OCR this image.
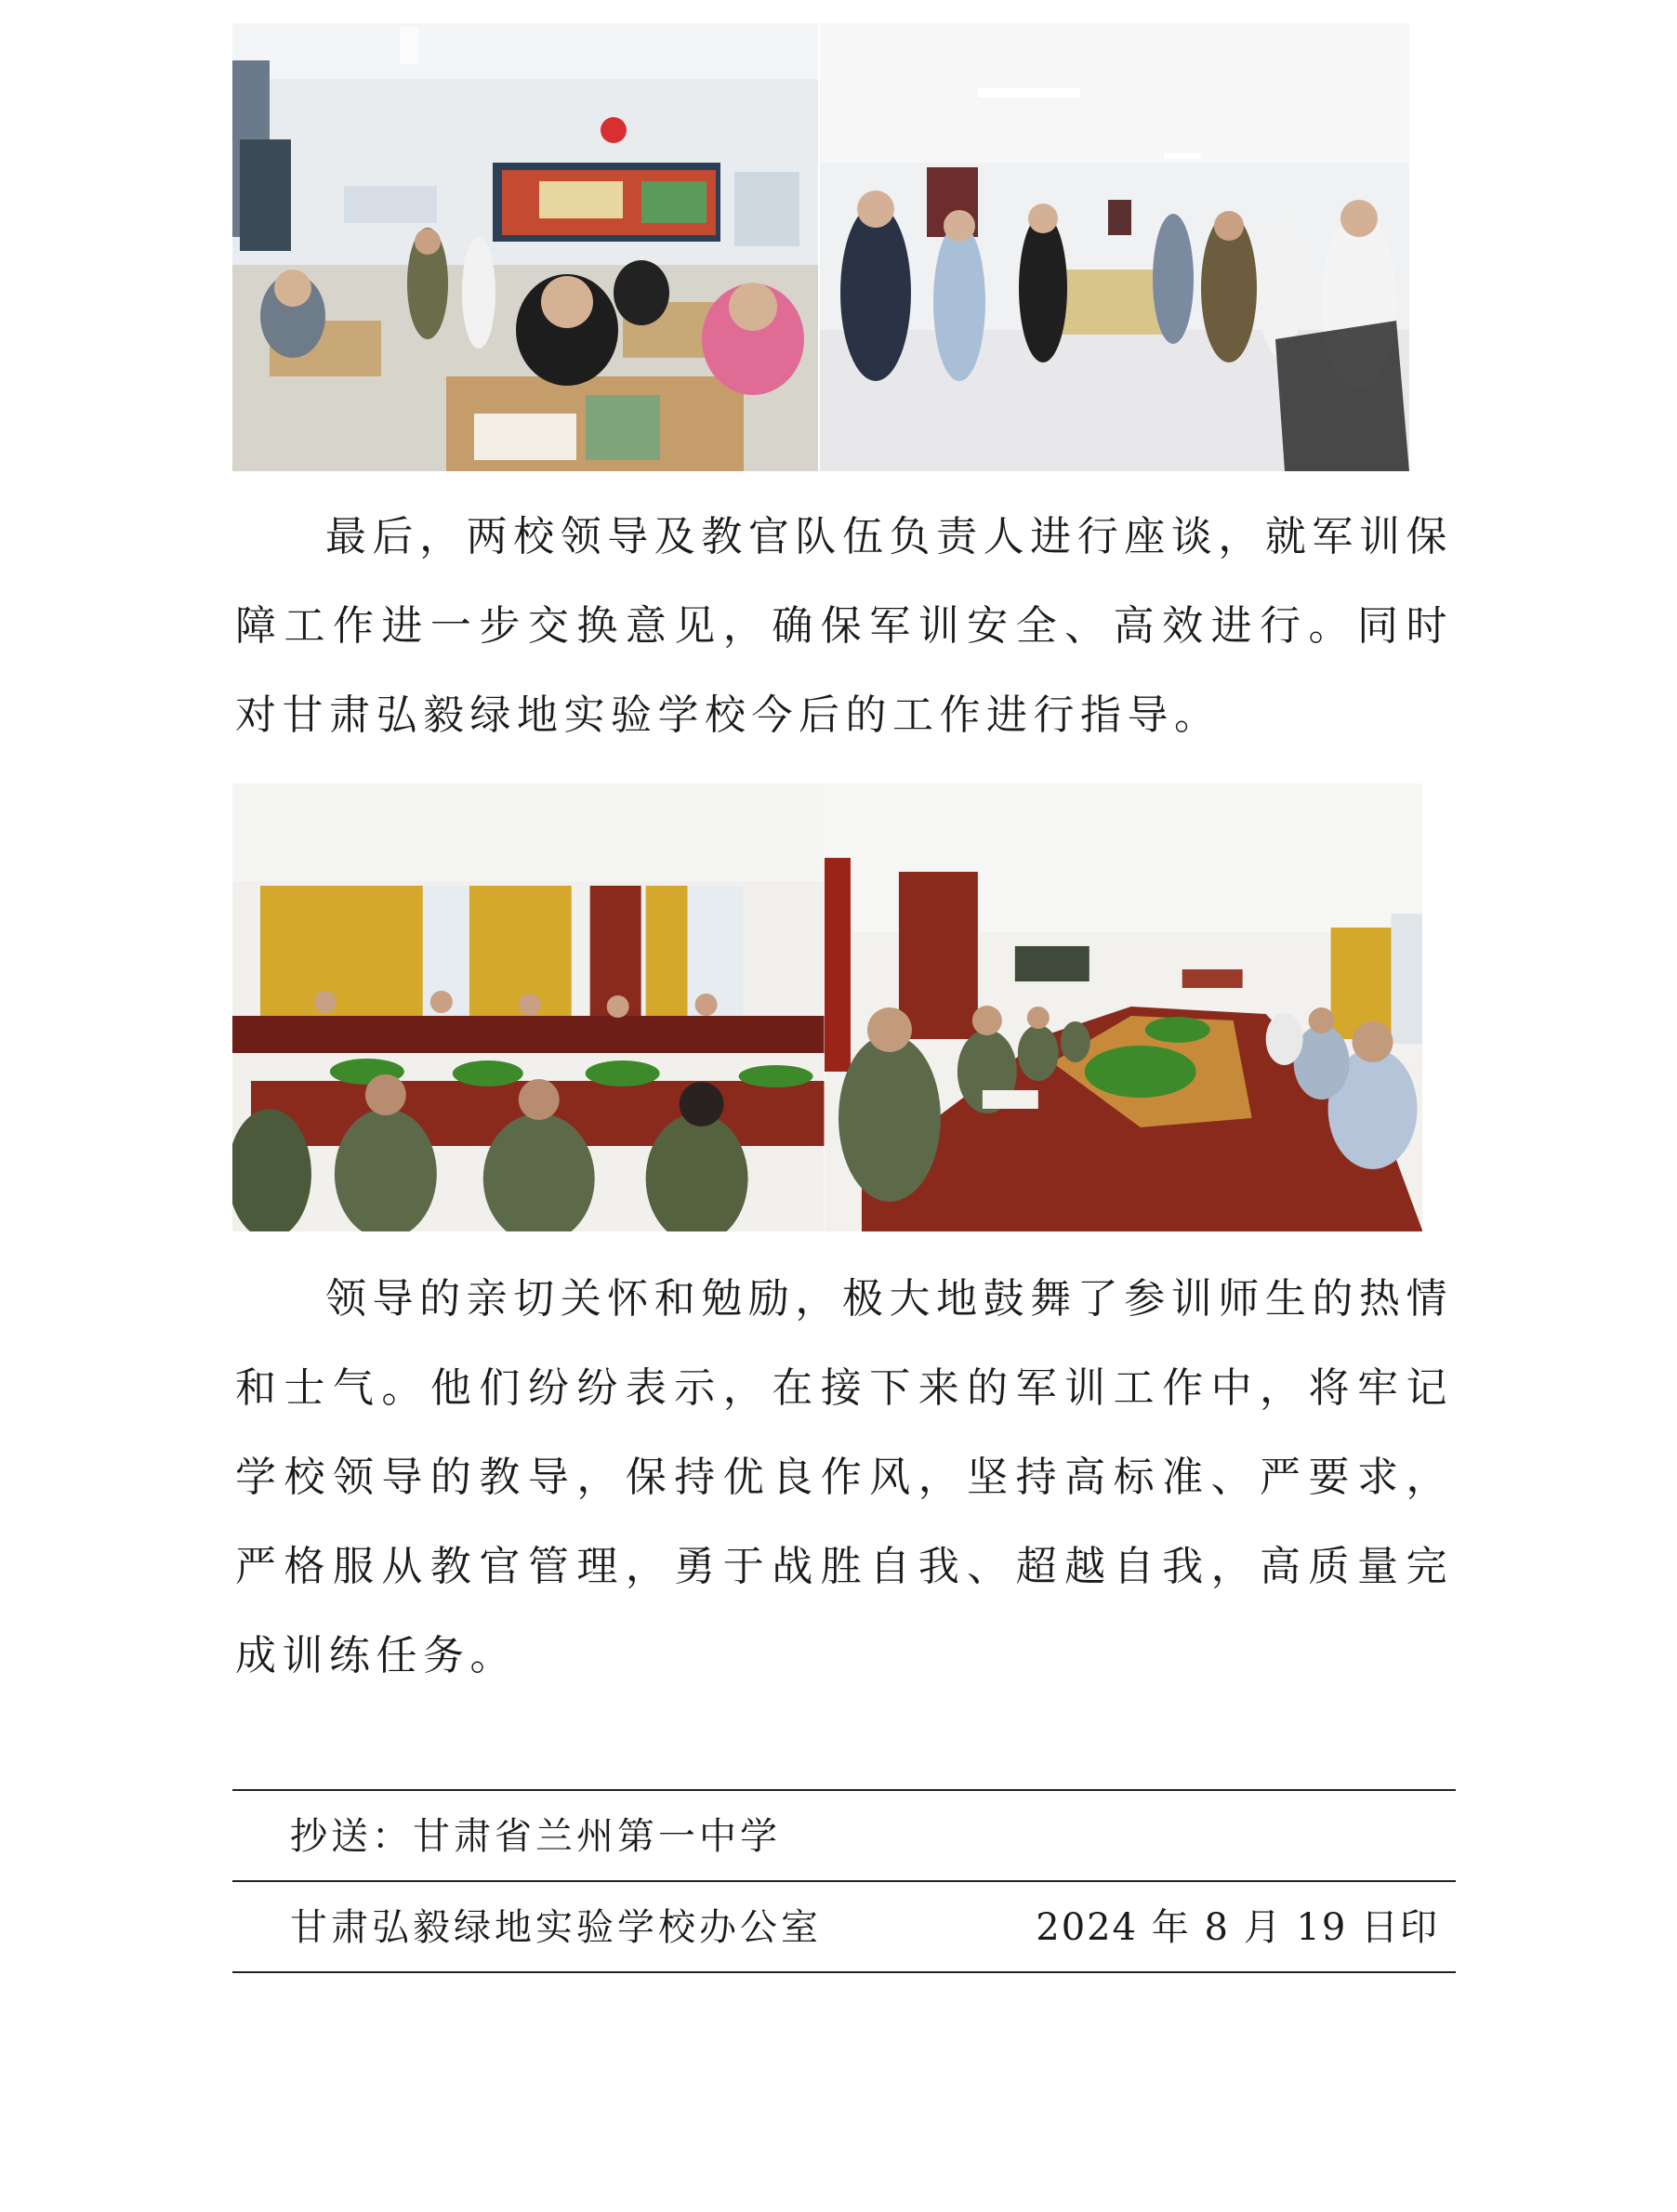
最后，两校领导及教官队伍负责人进行座谈，就军训保障工作进一步交换意见，确保军训安全、高效进行。同时对甘肃弘毅绿地实验学校今后的工作进行指导。

领导的亲切关怀和勉励，极大地鼓舞了参训师生的热情和士气。他们纷纷表示，在接下来的军训工作中，将牢记学校领导的教导，保持优良作风，坚持高标准、严要求，严格服从教官管理，勇于战胜自我、超越自我，高质量完成训练任务。

抄送：甘肃省兰州第一中学
甘肃弘毅绿地实验学校办公室	2024 年 8 月 19 日印
